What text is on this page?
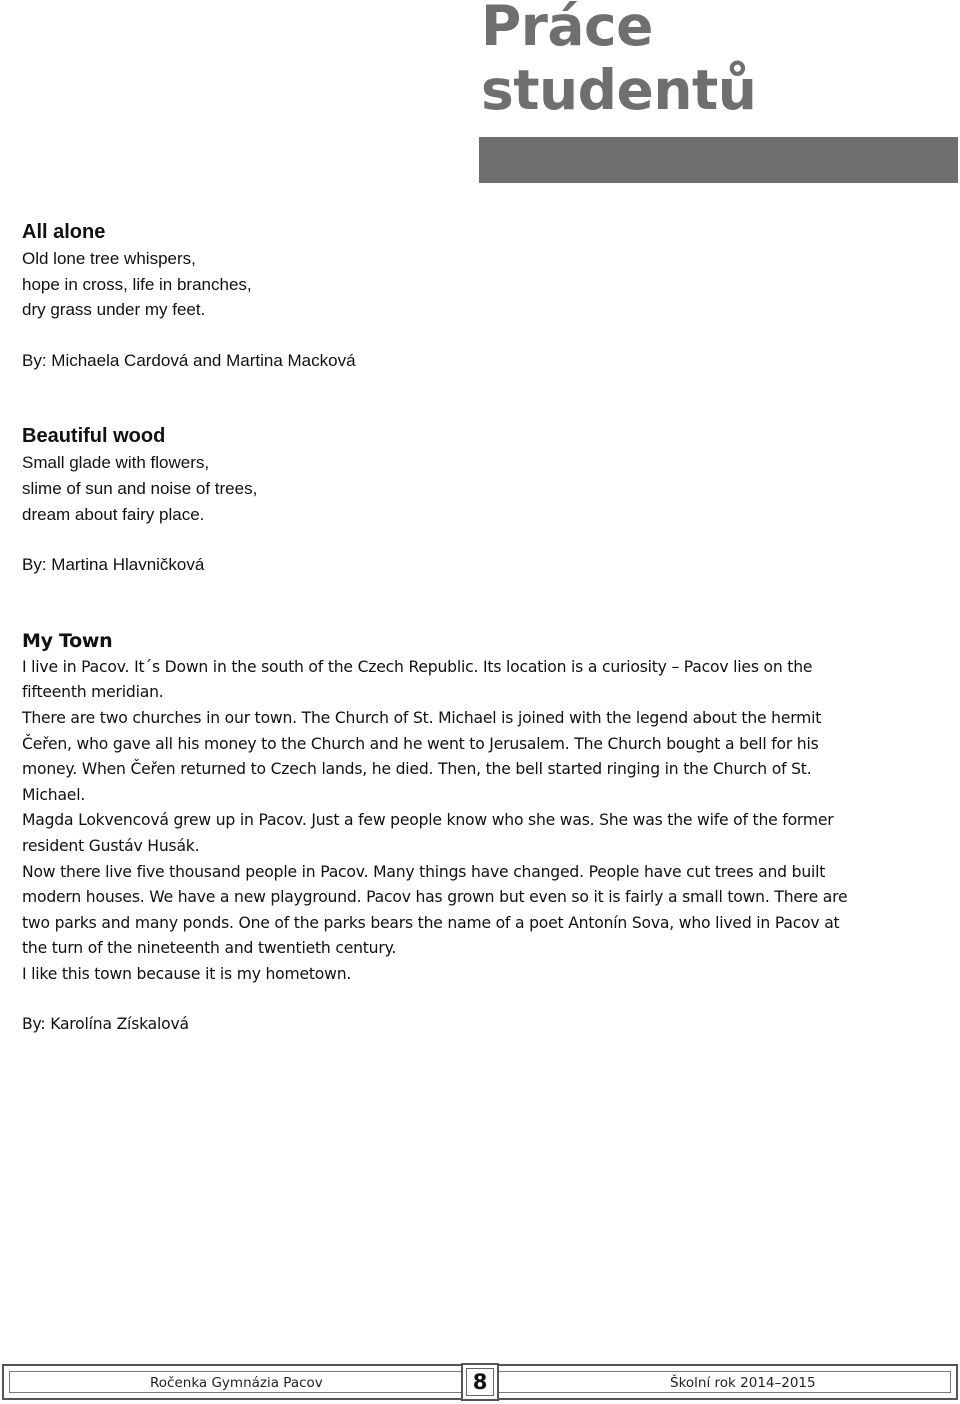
Práce
studentů

All alone

Old lone tree whispers,

hope in cross, life in branches,

dry grass under my feet.

By: Michaela Cardová and Martina Macková

Beautiful wood

Small glade with flowers,

slime of sun and noise of trees,

dream about fairy place.

By: Martina Hlavničková

My Town

I live in Pacov. It´s Down in the south of the Czech Republic. Its location is a curiosity – Pacov lies on the

fifteenth meridian.

There are two churches in our town. The Church of St. Michael is joined with the legend about the hermit

Čeřen, who gave all his money to the Church and he went to Jerusalem. The Church bought a bell for his

money. When Čeřen returned to Czech lands, he died. Then, the bell started ringing in the Church of St.

Michael.

Magda Lokvencová grew up in Pacov. Just a few people know who she was. She was the wife of the former

resident Gustáv Husák.

Now there live five thousand people in Pacov. Many things have changed. People have cut trees and built

modern houses. We have a new playground. Pacov has grown but even so it is fairly a small town. There are

two parks and many ponds. One of the parks bears the name of a poet Antonín Sova, who lived in Pacov at

the turn of the nineteenth and twentieth century.

I like this town because it is my hometown.

By: Karolína Získalová

Ročenka Gymnázia Pacov	Školní rok 2014–2015
8
